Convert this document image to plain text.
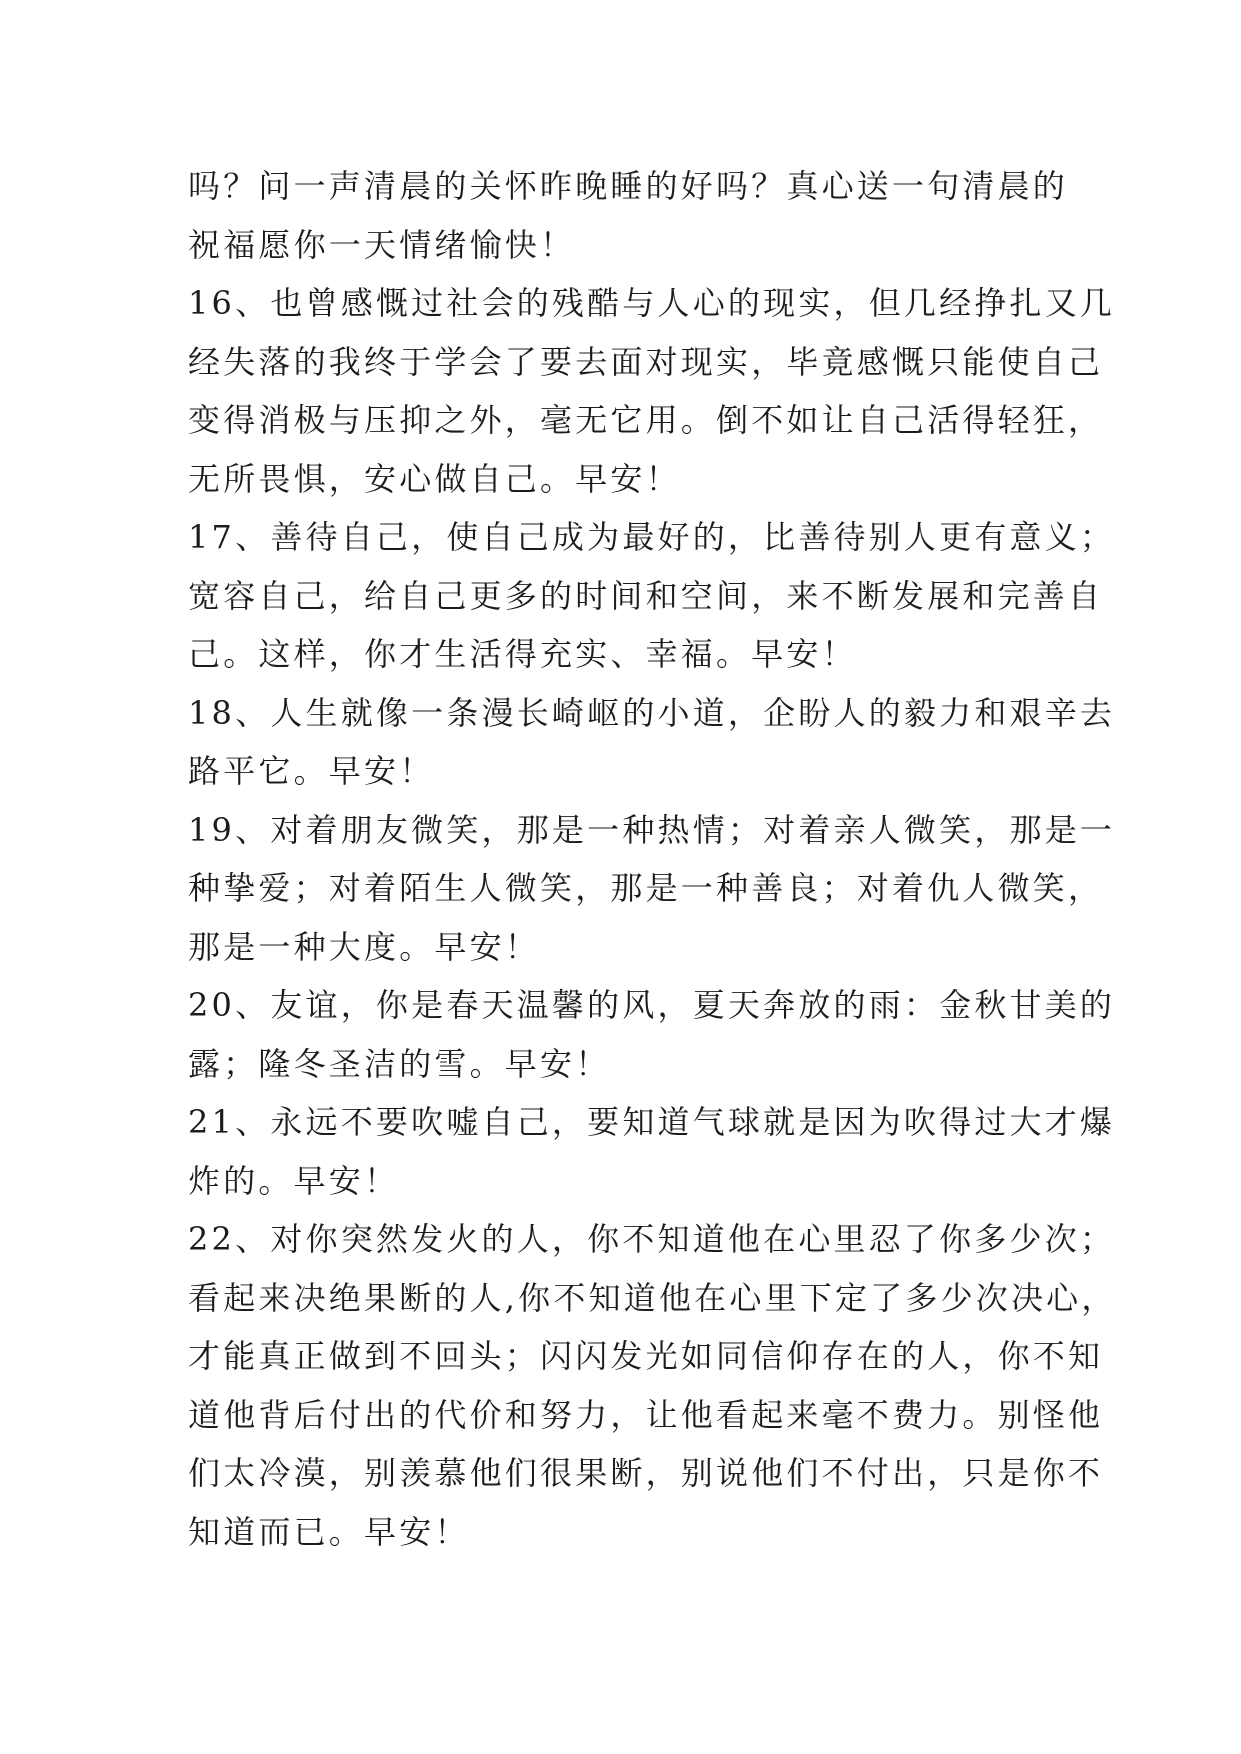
吗？问一声清晨的关怀昨晚睡的好吗？真心送一句清晨的
祝福愿你一天情绪愉快！
16、也曾感慨过社会的残酷与人心的现实，但几经挣扎又几
经失落的我终于学会了要去面对现实，毕竟感慨只能使自己
变得消极与压抑之外，毫无它用。倒不如让自己活得轻狂，
无所畏惧，安心做自己。早安！
17、善待自己，使自己成为最好的，比善待别人更有意义；
宽容自己，给自己更多的时间和空间，来不断发展和完善自
己。这样，你才生活得充实、幸福。早安！
18、人生就像一条漫长崎岖的小道，企盼人的毅力和艰辛去
路平它。早安！
19、对着朋友微笑，那是一种热情；对着亲人微笑，那是一
种挚爱；对着陌生人微笑，那是一种善良；对着仇人微笑，
那是一种大度。早安！
20、友谊，你是春天温馨的风，夏天奔放的雨：金秋甘美的
露；隆冬圣洁的雪。早安！
21、永远不要吹嘘自己，要知道气球就是因为吹得过大才爆
炸的。早安！
22、对你突然发火的人，你不知道他在心里忍了你多少次；
看起来决绝果断的人,你不知道他在心里下定了多少次决心，
才能真正做到不回头；闪闪发光如同信仰存在的人，你不知
道他背后付出的代价和努力，让他看起来毫不费力。别怪他
们太冷漠，别羡慕他们很果断，别说他们不付出，只是你不
知道而已。早安！
